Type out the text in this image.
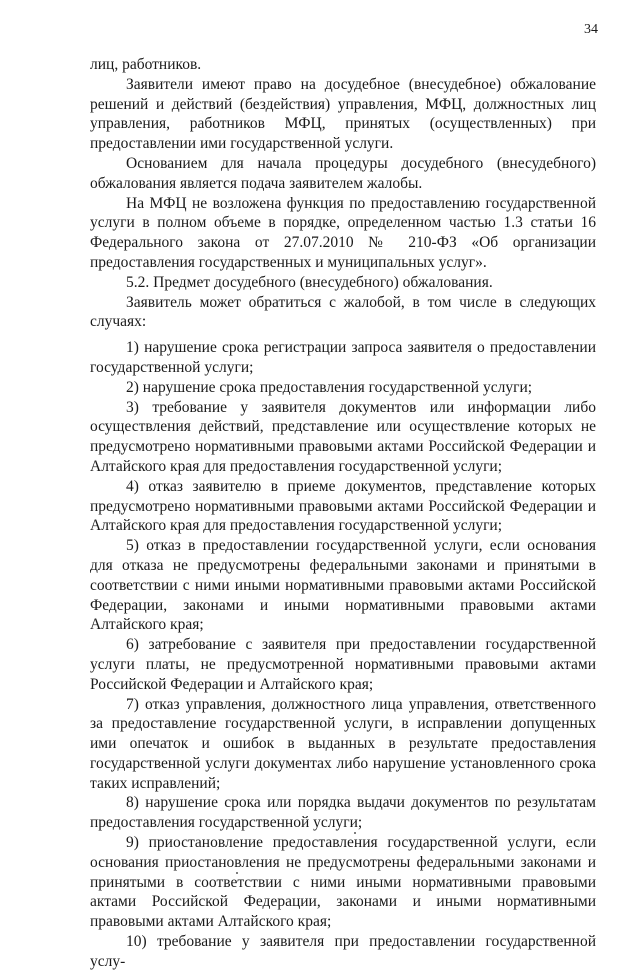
34

лиц, работников.

Заявители имеют право на досудебное (внесудебное) обжалование решений и действий (бездействия) управления, МФЦ, должностных лиц управления, работников МФЦ, принятых (осуществленных) при предоставлении ими государственной услуги.

Основанием для начала процедуры досудебного (внесудебного) обжалования является подача заявителем жалобы.

На МФЦ не возложена функция по предоставлению государственной услуги в полном объеме в порядке, определенном частью 1.3 статьи 16 Федерального закона от 27.07.2010 № 210-ФЗ «Об организации предоставления государственных и муниципальных услуг».

5.2. Предмет досудебного (внесудебного) обжалования.

Заявитель может обратиться с жалобой, в том числе в следующих случаях:

1) нарушение срока регистрации запроса заявителя о предоставлении государственной услуги;

2) нарушение срока предоставления государственной услуги;

3) требование у заявителя документов или информации либо осуществления действий, представление или осуществление которых не предусмотрено нормативными правовыми актами Российской Федерации и Алтайского края для предоставления государственной услуги;

4) отказ заявителю в приеме документов, представление которых предусмотрено нормативными правовыми актами Российской Федерации и Алтайского края для предоставления государственной услуги;

5) отказ в предоставлении государственной услуги, если основания для отказа не предусмотрены федеральными законами и принятыми в соответствии с ними иными нормативными правовыми актами Российской Федерации, законами и иными нормативными правовыми актами Алтайского края;

6) затребование с заявителя при предоставлении государственной услуги платы, не предусмотренной нормативными правовыми актами Российской Федерации и Алтайского края;

7) отказ управления, должностного лица управления, ответственного за предоставление государственной услуги, в исправлении допущенных ими опечаток и ошибок в выданных в результате предоставления государственной услуги документах либо нарушение установленного срока таких исправлений;

8) нарушение срока или порядка выдачи документов по результатам предоставления государственной услуги;

9) приостановление предоставления государственной услуги, если основания приостановления не предусмотрены федеральными законами и принятыми в соответствии с ними иными нормативными правовыми актами Российской Федерации, законами и иными нормативными правовыми актами Алтайского края;

10) требование у заявителя при предоставлении государственной услу-
